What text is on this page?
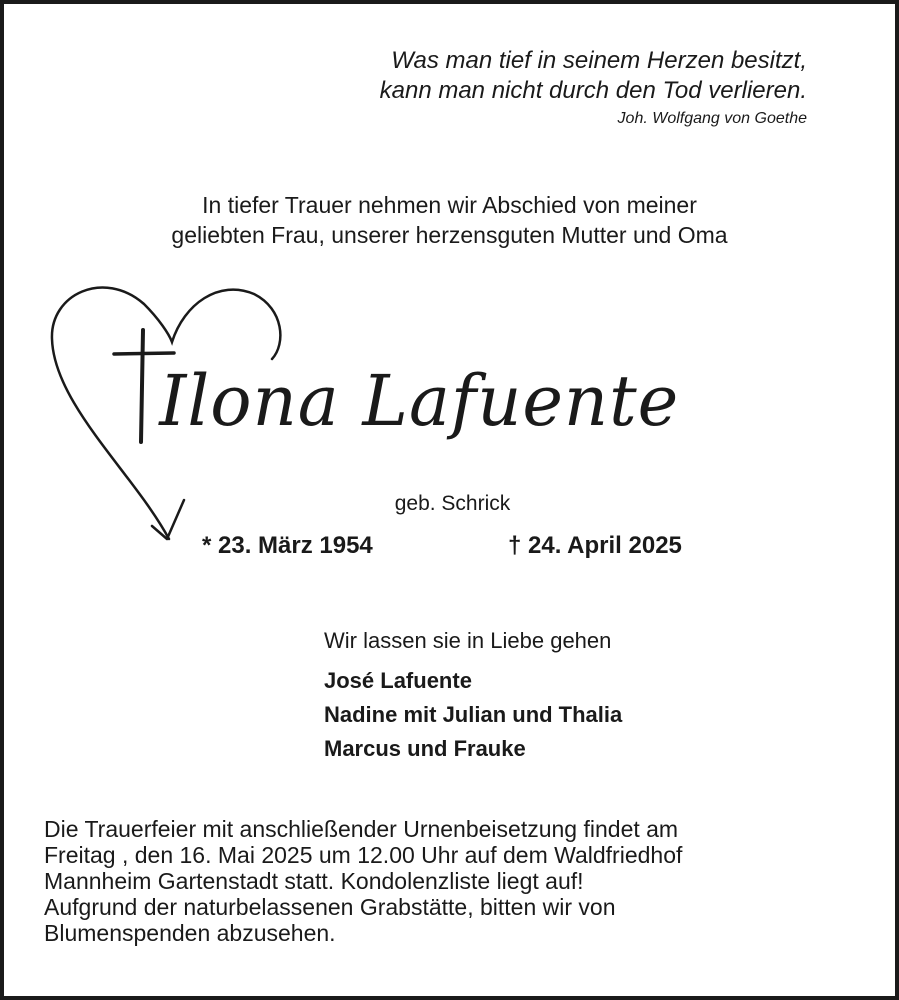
Was man tief in seinem Herzen besitzt,
kann man nicht durch den Tod verlieren.
Joh. Wolfgang von Goethe
In tiefer Trauer nehmen wir Abschied von meiner
geliebten Frau, unserer herzensguten Mutter und Oma
Ilona Lafuente
geb. Schrick
* 23. März 1954	† 24. April 2025
Wir lassen sie in Liebe gehen
José Lafuente
Nadine mit Julian und Thalia
Marcus und Frauke
Die Trauerfeier mit anschließender Urnenbeisetzung findet am
Freitag , den 16. Mai 2025 um 12.00 Uhr auf dem Waldfriedhof
Mannheim Gartenstadt statt. Kondolenzliste liegt auf!
Aufgrund der naturbelassenen Grabstätte, bitten wir von
Blumenspenden abzusehen.
